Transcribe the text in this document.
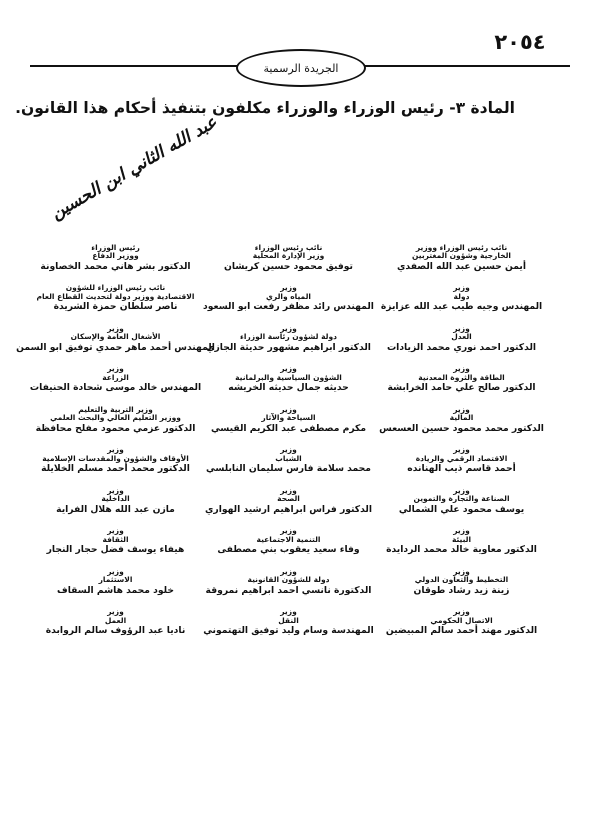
٢٠٥٤
الجريدة الرسمية
المادة ٣- رئيس الوزراء والوزراء مكلفون بتنفيذ أحكام هذا القانون.
عبد الله الثاني ابن الحسين
نائب رئيس الوزراء ووزير
الخارجية وشؤون المغتربين
أيمن حسين عبد الله الصفدي
نائب رئيس الوزراء
وزير الإدارة المحلية
توفيق محمود حسين كريشان
رئيس الوزراء
ووزير الدفاع
الدكتور بشر هاني محمد الخصاونة
وزير
دولة
المهندس وجيه طيب عبد الله عزايزة
وزير
المياه والري
المهندس رائد مظفر رفعت ابو السعود
نائب رئيس الوزراء للشؤون
الاقتصادية ووزير دولة لتحديث القطاع العام
ناصر سلطان حمزة الشريدة
وزير
العدل
الدكتور احمد نوري محمد الزيادات
وزير
دولة لشؤون رئاسة الوزراء
الدكتور ابراهيم مشهور حديثة الجازي
وزير
الأشغال العامة والإسكان
المهندس أحمد ماهر حمدي توفيق ابو السمن
وزير
الطاقة والثروة المعدنية
الدكتور صالح علي حامد الخرابشة
وزير
الشؤون السياسية والبرلمانية
حديثه جمال حديثه الخريشه
وزير
الزراعة
المهندس خالد موسى شحادة الحنيفات
وزير
المالية
الدكتور محمد محمود حسين العسعس
وزير
السياحة والآثار
مكرم مصطفى عبد الكريم القيسي
وزير التربية والتعليم
ووزير التعليم العالي والبحث العلمي
الدكتور عزمي محمود مفلح محافظة
وزير
الاقتصاد الرقمي والريادة
أحمد قاسم ذيب الهنانده
وزير
الشباب
محمد سلامة فارس سليمان النابلسي
وزير
الأوقاف والشؤون والمقدسات الإسلامية
الدكتور محمد أحمد مسلم الخلايلة
وزير
الصناعة والتجارة والتموين
يوسف محمود علي الشمالي
وزير
الصحة
الدكتور فراس ابراهيم ارشيد الهواري
وزير
الداخلية
مازن عبد الله هلال الفراية
وزير
البيئة
الدكتور معاوية خالد محمد الردايدة
وزير
التنمية الاجتماعية
وفاء سعيد يعقوب بني مصطفى
وزير
الثقافة
هيفاء يوسف فضل حجار النجار
وزير
التخطيط والتعاون الدولي
زينة زيد رشاد طوقان
وزير
دولة للشؤون القانونية
الدكتورة نانسي احمد ابراهيم نمروقة
وزير
الاستثمار
خلود محمد هاشم السقاف
وزير
الاتصال الحكومي
الدكتور مهند أحمد سالم المبيضين
وزير
النقل
المهندسة وسام وليد توفيق التهتموني
وزير
العمل
ناديا عبد الرؤوف سالم الروابدة
